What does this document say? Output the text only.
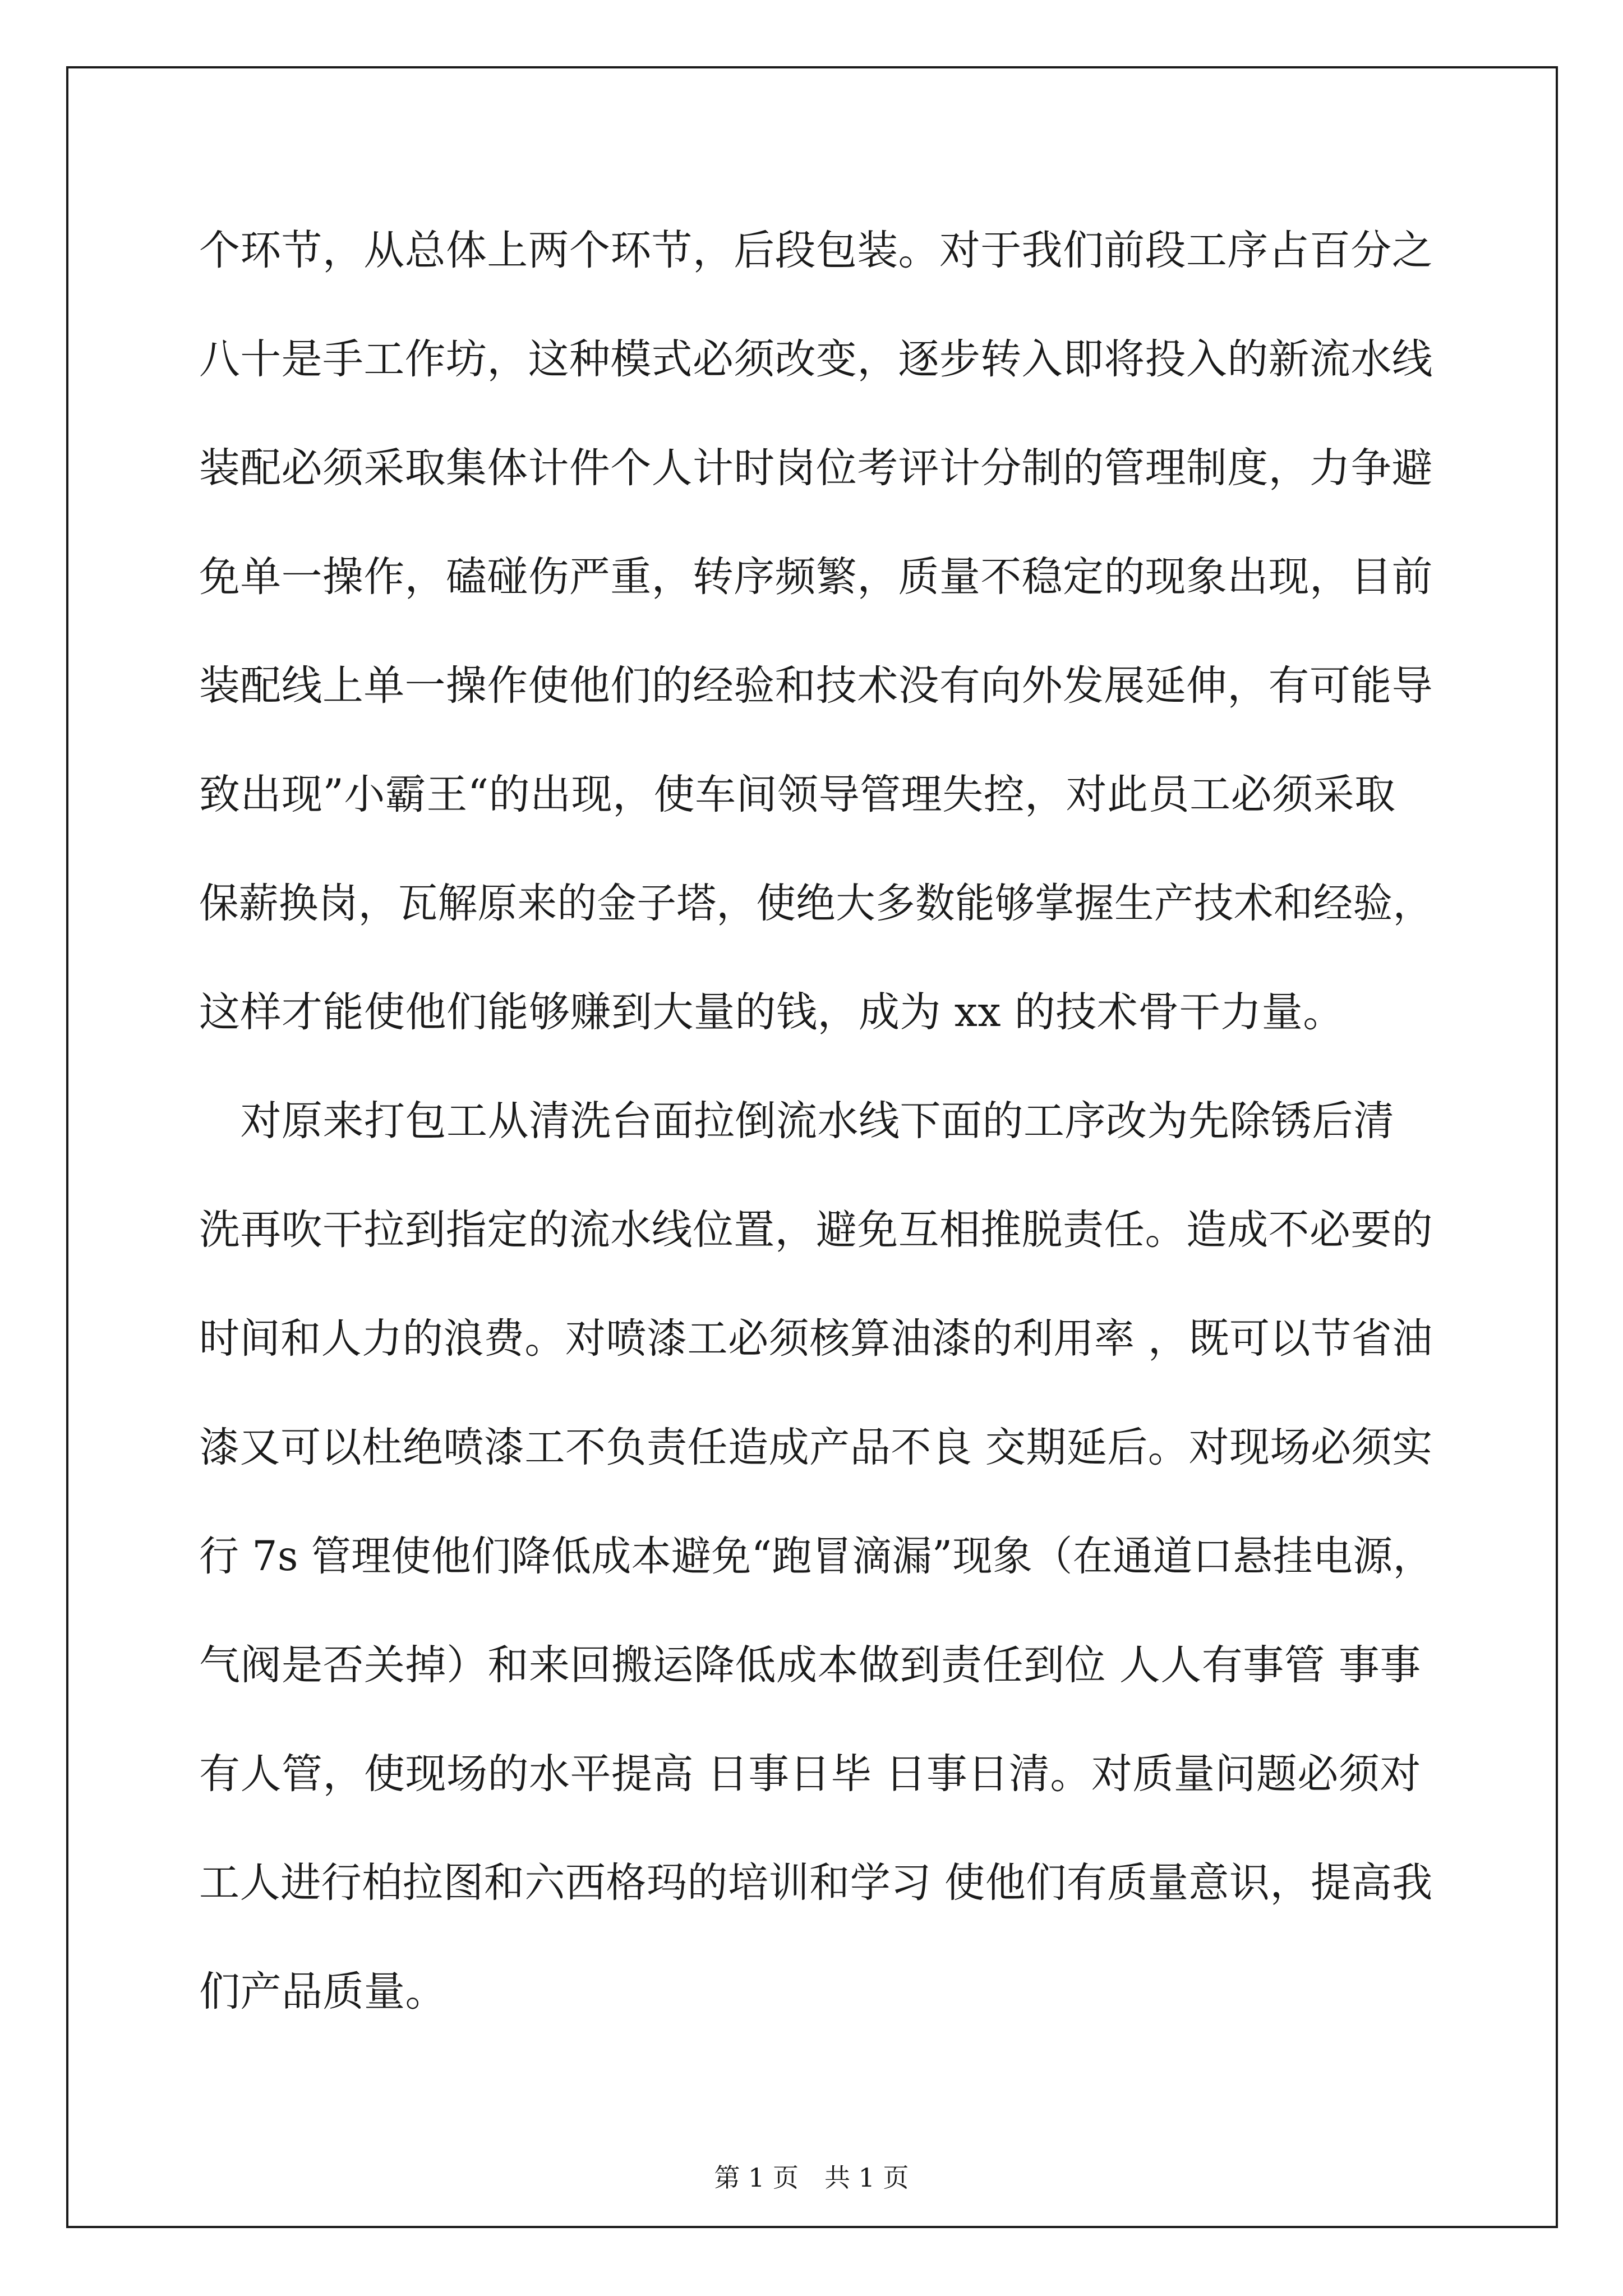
个环节，从总体上两个环节，后段包装。对于我们前段工序占百分之
八十是手工作坊，这种模式必须改变，逐步转入即将投入的新流水线
装配必须采取集体计件个人计时岗位考评计分制的管理制度，力争避
免单一操作，磕碰伤严重，转序频繁，质量不稳定的现象出现，目前
装配线上单一操作使他们的经验和技术没有向外发展延伸，有可能导
致出现”小霸王“的出现，使车间领导管理失控，对此员工必须采取
保薪换岗，瓦解原来的金子塔，使绝大多数能够掌握生产技术和经验，
这样才能使他们能够赚到大量的钱，成为 xx 的技术骨干力量。
　对原来打包工从清洗台面拉倒流水线下面的工序改为先除锈后清
洗再吹干拉到指定的流水线位置，避免互相推脱责任。造成不必要的
时间和人力的浪费。对喷漆工必须核算油漆的利用率 ，既可以节省油
漆又可以杜绝喷漆工不负责任造成产品不良 交期延后。对现场必须实
行 7s 管理使他们降低成本避免“跑冒滴漏”现象（在通道口悬挂电源，
气阀是否关掉）和来回搬运降低成本做到责任到位 人人有事管 事事
有人管，使现场的水平提高 日事日毕 日事日清。对质量问题必须对
工人进行柏拉图和六西格玛的培训和学习 使他们有质量意识，提高我
们产品质量。
第 1 页　共 1 页
